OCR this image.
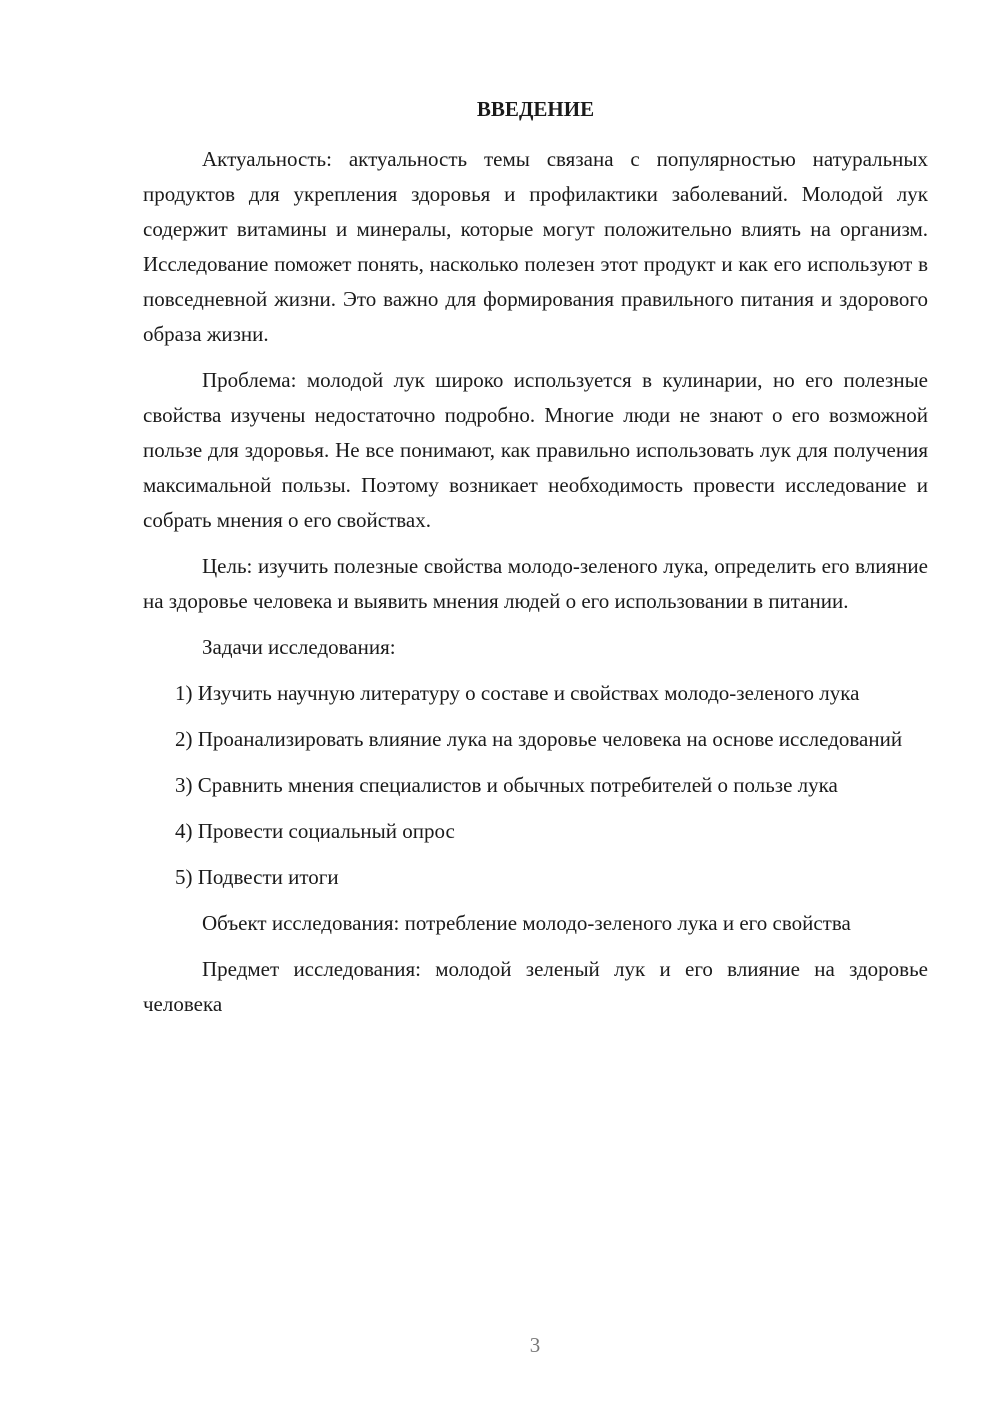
ВВЕДЕНИЕ

Актуальность: актуальность темы связана с популярностью натуральных продуктов для укрепления здоровья и профилактики заболеваний. Молодой лук содержит витамины и минералы, которые могут положительно влиять на организм. Исследование поможет понять, насколько полезен этот продукт и как его используют в повседневной жизни. Это важно для формирования правильного питания и здорового образа жизни.

Проблема: молодой лук широко используется в кулинарии, но его полезные свойства изучены недостаточно подробно. Многие люди не знают о его возможной пользе для здоровья. Не все понимают, как правильно использовать лук для получения максимальной пользы. Поэтому возникает необходимость провести исследование и собрать мнения о его свойствах.

Цель: изучить полезные свойства молодо-зеленого лука, определить его влияние на здоровье человека и выявить мнения людей о его использовании в питании.

Задачи исследования:

1) Изучить научную литературу о составе и свойствах молодо-зеленого лука

2) Проанализировать влияние лука на здоровье человека на основе исследований

3) Сравнить мнения специалистов и обычных потребителей о пользе лука

4) Провести социальный опрос

5) Подвести итоги

Объект исследования: потребление молодо-зеленого лука и его свойства

Предмет исследования: молодой зеленый лук и его влияние на здоровье человека

3
